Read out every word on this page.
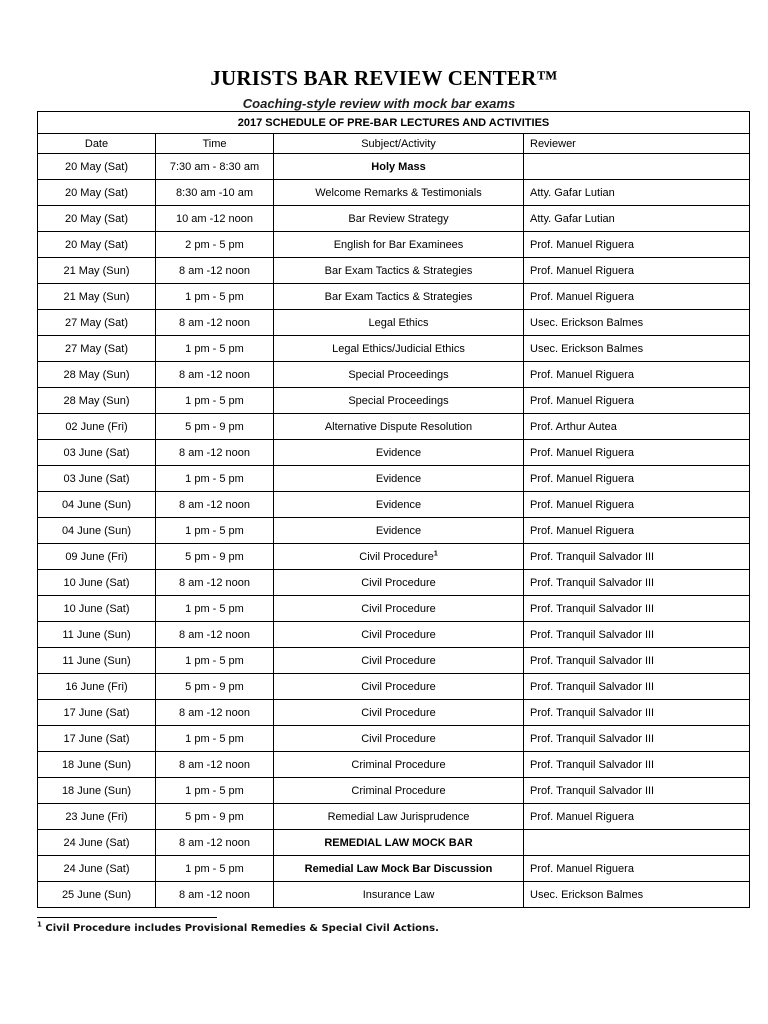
JURISTS BAR REVIEW CENTER™
Coaching-style review with mock bar exams
2017 SCHEDULE OF PRE-BAR LECTURES AND ACTIVITIES			
Date	Time	Subject/Activity	Reviewer
20 May (Sat)	7:30 am - 8:30 am	Holy Mass	
20 May (Sat)	8:30 am -10 am	Welcome Remarks & Testimonials	Atty. Gafar Lutian
20 May (Sat)	10 am -12 noon	Bar Review Strategy	Atty. Gafar Lutian
20 May (Sat)	2 pm - 5 pm	English for Bar Examinees	Prof. Manuel Riguera
21 May (Sun)	8 am -12 noon	Bar Exam Tactics & Strategies	Prof. Manuel Riguera
21 May (Sun)	1 pm - 5 pm	Bar Exam Tactics & Strategies	Prof. Manuel Riguera
27 May (Sat)	8 am -12 noon	Legal Ethics	Usec. Erickson Balmes
27 May (Sat)	1 pm - 5 pm	Legal Ethics/Judicial Ethics	Usec. Erickson Balmes
28 May (Sun)	8 am -12 noon	Special Proceedings	Prof. Manuel Riguera
28 May (Sun)	1 pm - 5 pm	Special Proceedings	Prof. Manuel Riguera
02 June (Fri)	5 pm - 9 pm	Alternative Dispute Resolution	Prof. Arthur Autea
03 June (Sat)	8 am -12 noon	Evidence	Prof. Manuel Riguera
03 June (Sat)	1 pm - 5 pm	Evidence	Prof. Manuel Riguera
04 June (Sun)	8 am -12 noon	Evidence	Prof. Manuel Riguera
04 June (Sun)	1 pm - 5 pm	Evidence	Prof. Manuel Riguera
09 June (Fri)	5 pm - 9 pm	Civil Procedure$^1$	Prof. Tranquil Salvador III
10 June (Sat)	8 am -12 noon	Civil Procedure	Prof. Tranquil Salvador III
10 June (Sat)	1 pm - 5 pm	Civil Procedure	Prof. Tranquil Salvador III
11 June (Sun)	8 am -12 noon	Civil Procedure	Prof. Tranquil Salvador III
11 June (Sun)	1 pm - 5 pm	Civil Procedure	Prof. Tranquil Salvador III
16 June (Fri)	5 pm - 9 pm	Civil Procedure	Prof. Tranquil Salvador III
17 June (Sat)	8 am -12 noon	Civil Procedure	Prof. Tranquil Salvador III
17 June (Sat)	1 pm - 5 pm	Civil Procedure	Prof. Tranquil Salvador III
18 June (Sun)	8 am -12 noon	Criminal Procedure	Prof. Tranquil Salvador III
18 June (Sun)	1 pm - 5 pm	Criminal Procedure	Prof. Tranquil Salvador III
23 June (Fri)	5 pm - 9 pm	Remedial Law Jurisprudence	Prof. Manuel Riguera
24 June (Sat)	8 am -12 noon	REMEDIAL LAW MOCK BAR	
24 June (Sat)	1 pm - 5 pm	Remedial Law Mock Bar Discussion	Prof. Manuel Riguera
25 June (Sun)	8 am -12 noon	Insurance Law	Usec. Erickson Balmes
$^1$ Civil Procedure includes Provisional Remedies & Special Civil Actions.
